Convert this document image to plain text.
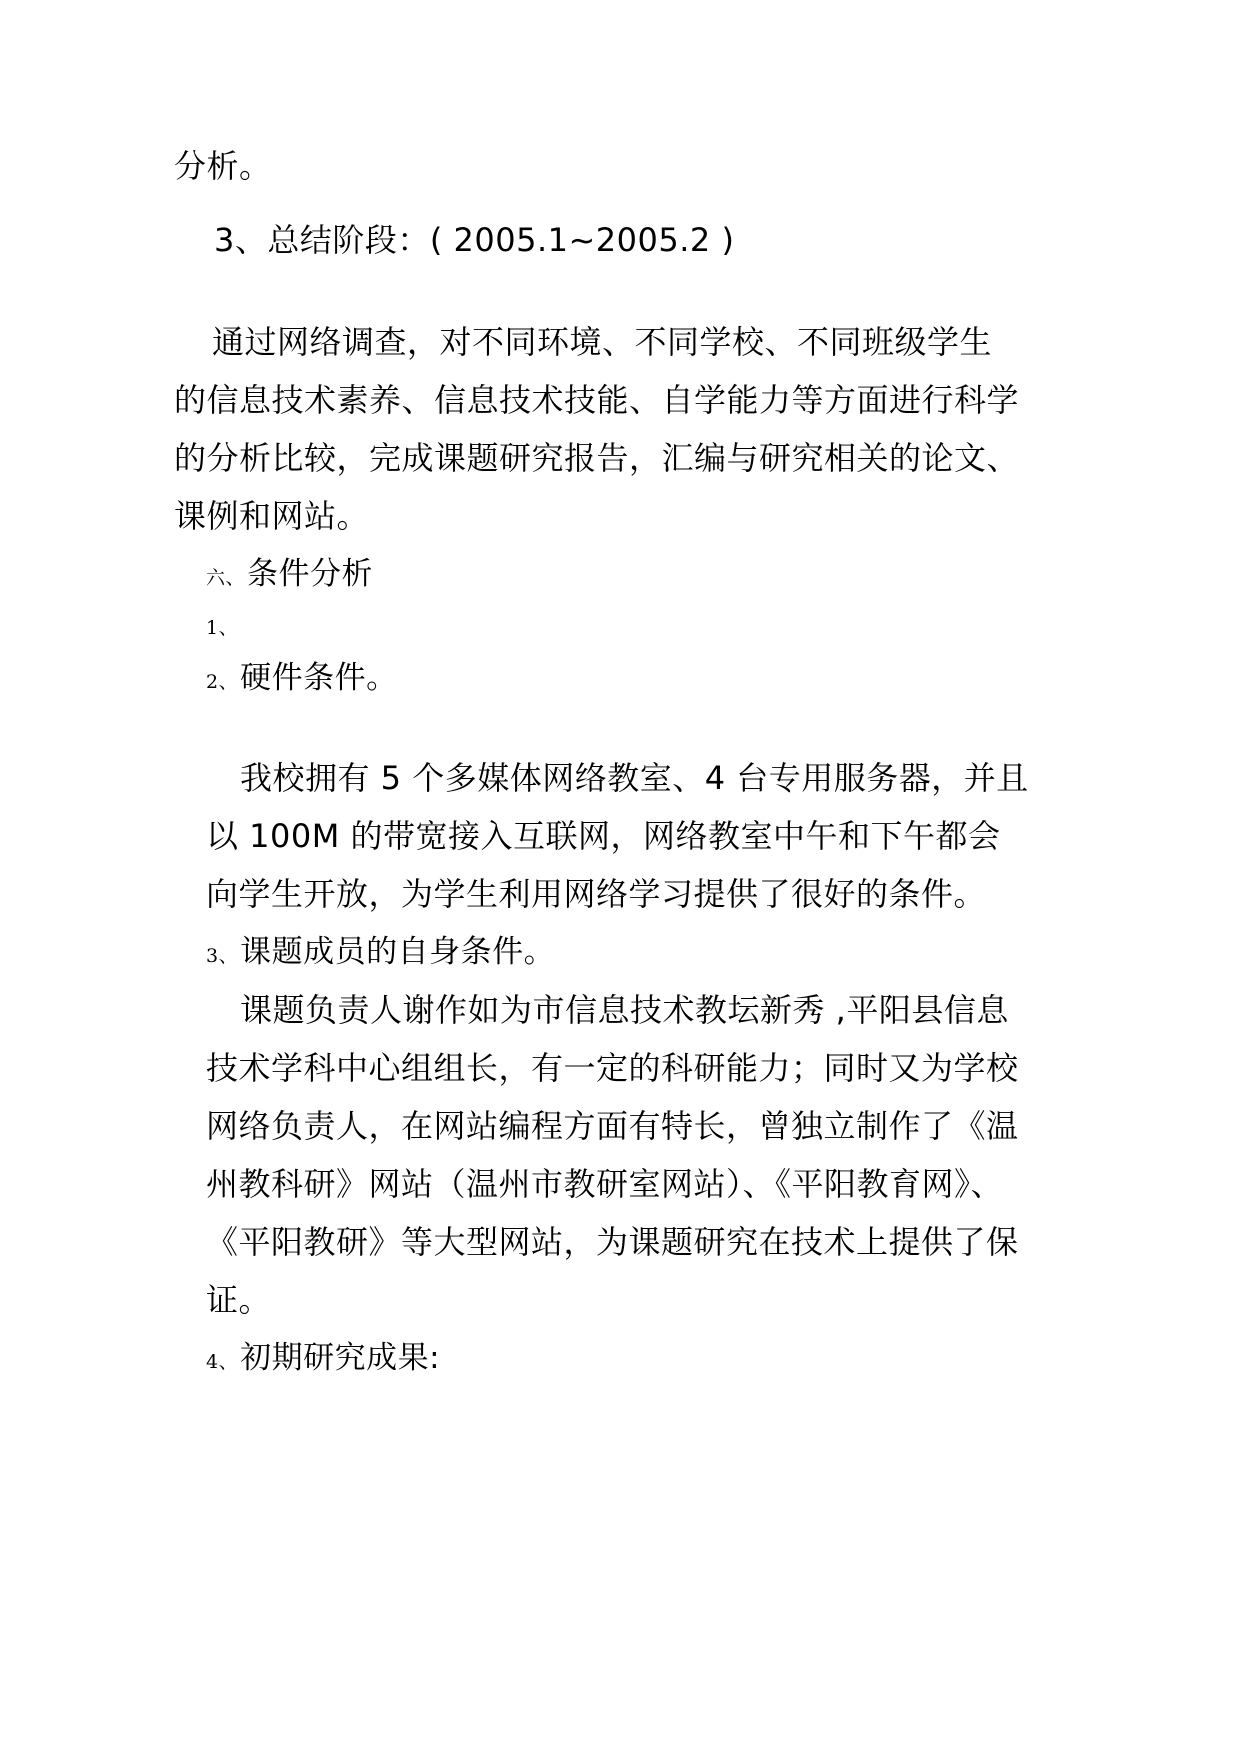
分析。
3、总结阶段：( 2005.1~2005.2 )
通过网络调查，对不同环境、不同学校、不同班级学生
的信息技术素养、信息技术技能、自学能力等方面进行科学
的分析比较，完成课题研究报告，汇编与研究相关的论文、
课例和网站。
六、条件分析
1、
2、硬件条件。
我校拥有 5 个多媒体网络教室、4 台专用服务器，并且
以 100M 的带宽接入互联网，网络教室中午和下午都会
向学生开放，为学生利用网络学习提供了很好的条件。
3、课题成员的自身条件。
课题负责人谢作如为市信息技术教坛新秀 ,平阳县信息
技术学科中心组组长，有一定的科研能力；同时又为学校
网络负责人，在网站编程方面有特长，曾独立制作了《温
州教科研》网站（温州市教研室网站）、《平阳教育网》、
《平阳教研》等大型网站，为课题研究在技术上提供了保
证。
4、初期研究成果:
